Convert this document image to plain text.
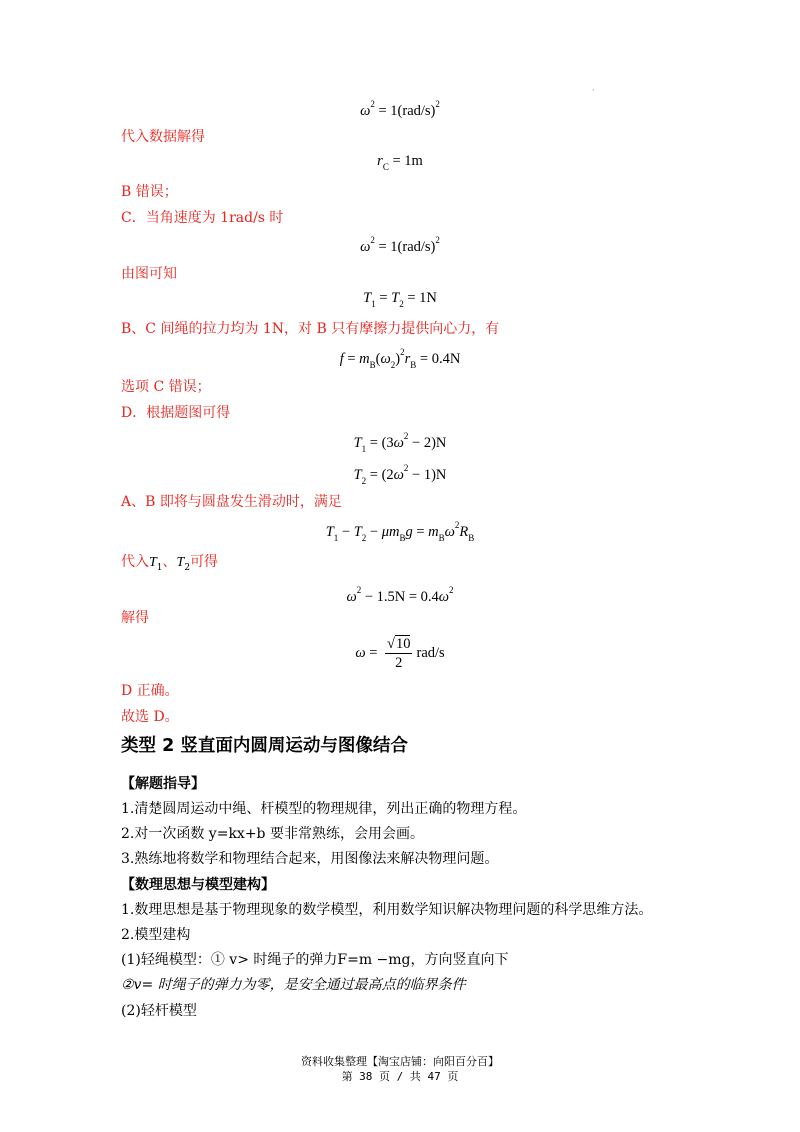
·
$\omega^2 = 1(rad/s)^2$
代入数据解得
$r_C = 1m$
B 错误；
C．当角速度为 1rad/s 时
$\omega^2 = 1(rad/s)^2$
由图可知
$T_1 = T_2 = 1N$
B、C 间绳的拉力均为 1N，对 B 只有摩擦力提供向心力，有
$f = m_B(\omega_2)^2r_B = 0.4N$
选项 C 错误；
D．根据题图可得
$T_1 = (3\omega^2 - 2)N$
$T_2 = (2\omega^2 - 1)N$
A、B 即将与圆盘发生滑动时，满足
$T_1 - T_2 - \mu m_Bg = m_B\omega^2R_B$
代入$T_1$、$T_2$可得
$\omega^2 - 1.5N = 0.4\omega^2$
解得
$\omega = \frac{√10}{2} rad/s$
D 正确。
故选 D。
类型 2 竖直面内圆周运动与图像结合
【解题指导】
1.清楚圆周运动中绳、杆模型的物理规律，列出正确的物理方程。
2.对一次函数 y=kx+b 要非常熟练，会用会画。
3.熟练地将数学和物理结合起来，用图像法来解决物理问题。
【数理思想与模型建构】
1.数理思想是基于物理现象的数学模型，利用数学知识解决物理问题的科学思维方法。
2.模型建构
(1)轻绳模型：① v> 时绳子的弹力F=m −mg，方向竖直向下
②v= 时绳子的弹力为零，是安全通过最高点的临界条件
(2)轻杆模型
资料收集整理【淘宝店铺：向阳百分百】
第 38 页 / 共 47 页
